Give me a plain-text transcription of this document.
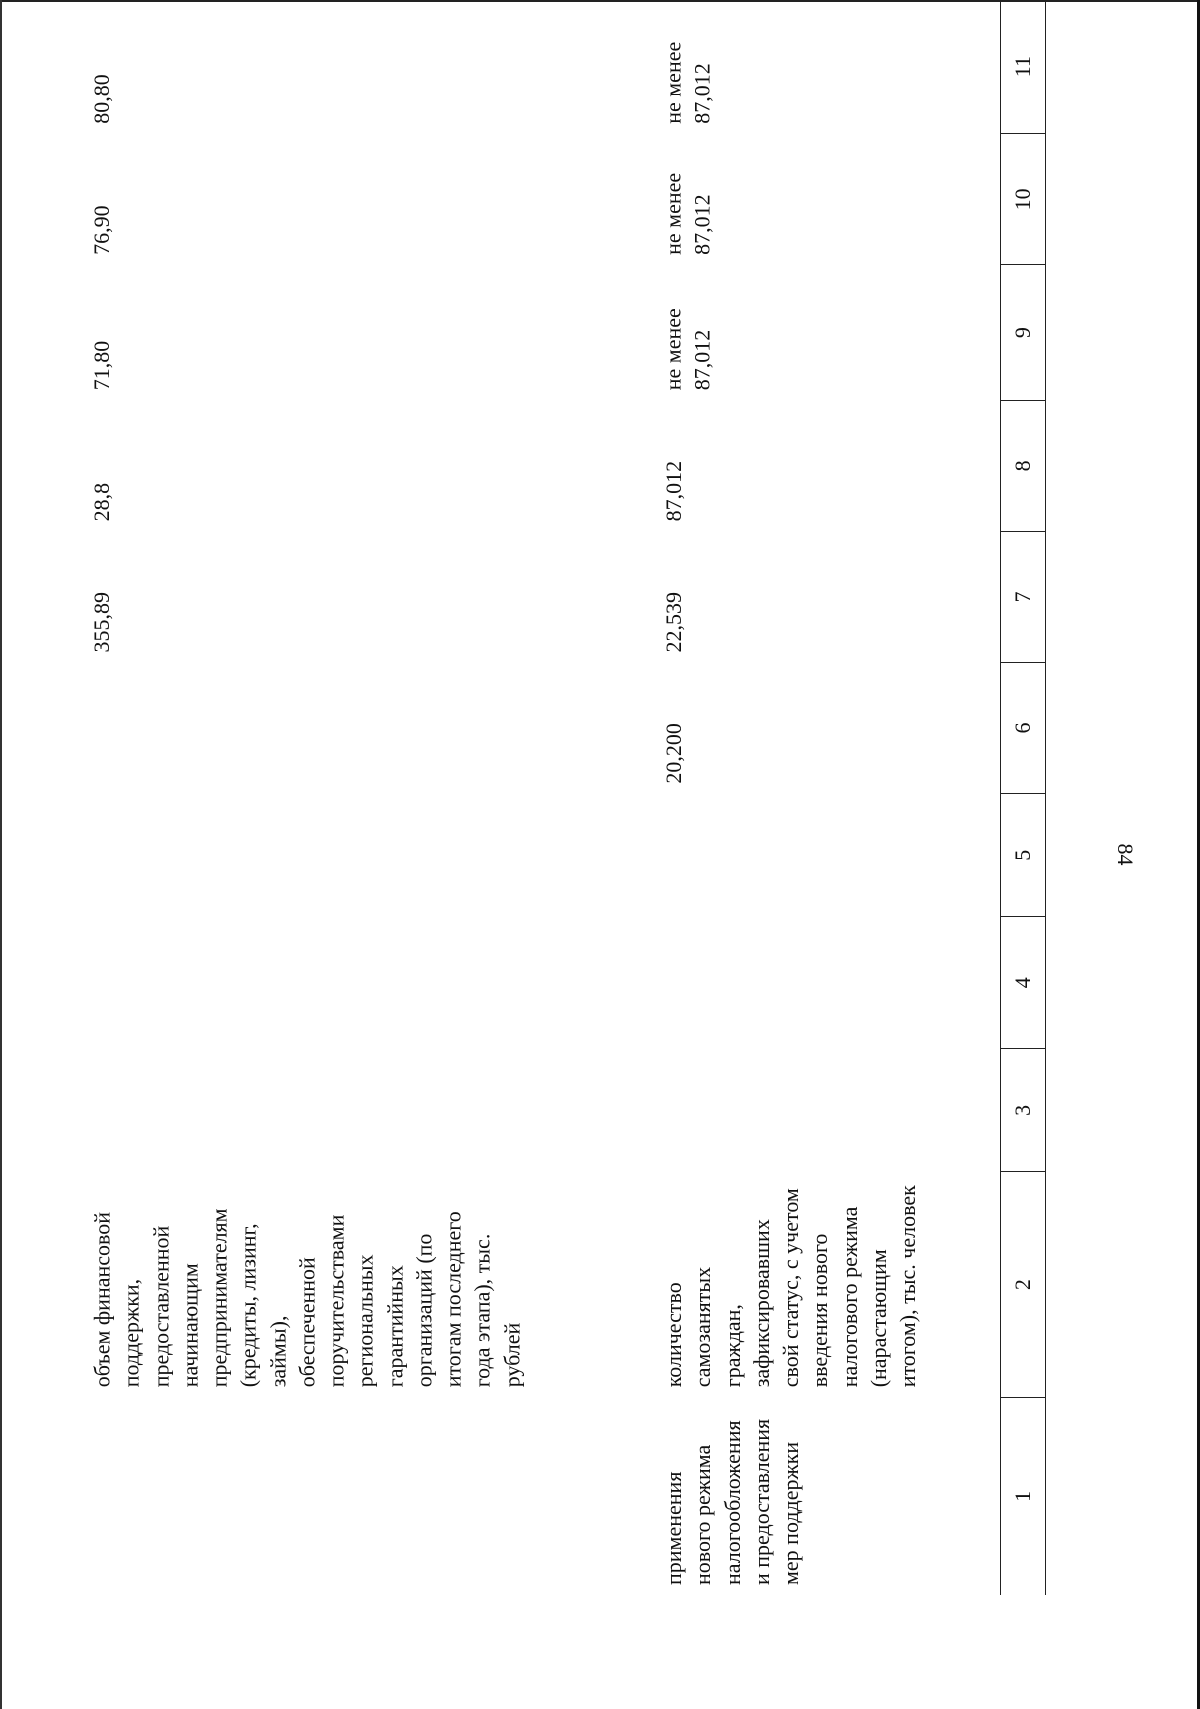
84
1	2	3	4	5	6	7	8	9	10	11

применения нового режима налогообложения и предоставления мер поддержки	количество самозанятых граждан, зафиксировавших свой статус, с учетом введения нового налогового режима (нарастающим итогом), тыс. человек				20,200	22,539	87,012	не менее 87,012	не менее 87,012	не менее 87,012

	объем финансовой поддержки, предоставленной начинающим предпринимателям (кредиты, лизинг, займы), обеспеченной поручительствами региональных гарантийных организаций (по итогам последнего года этапа), тыс. рублей					355,89	28,8	71,80	76,90	80,80
